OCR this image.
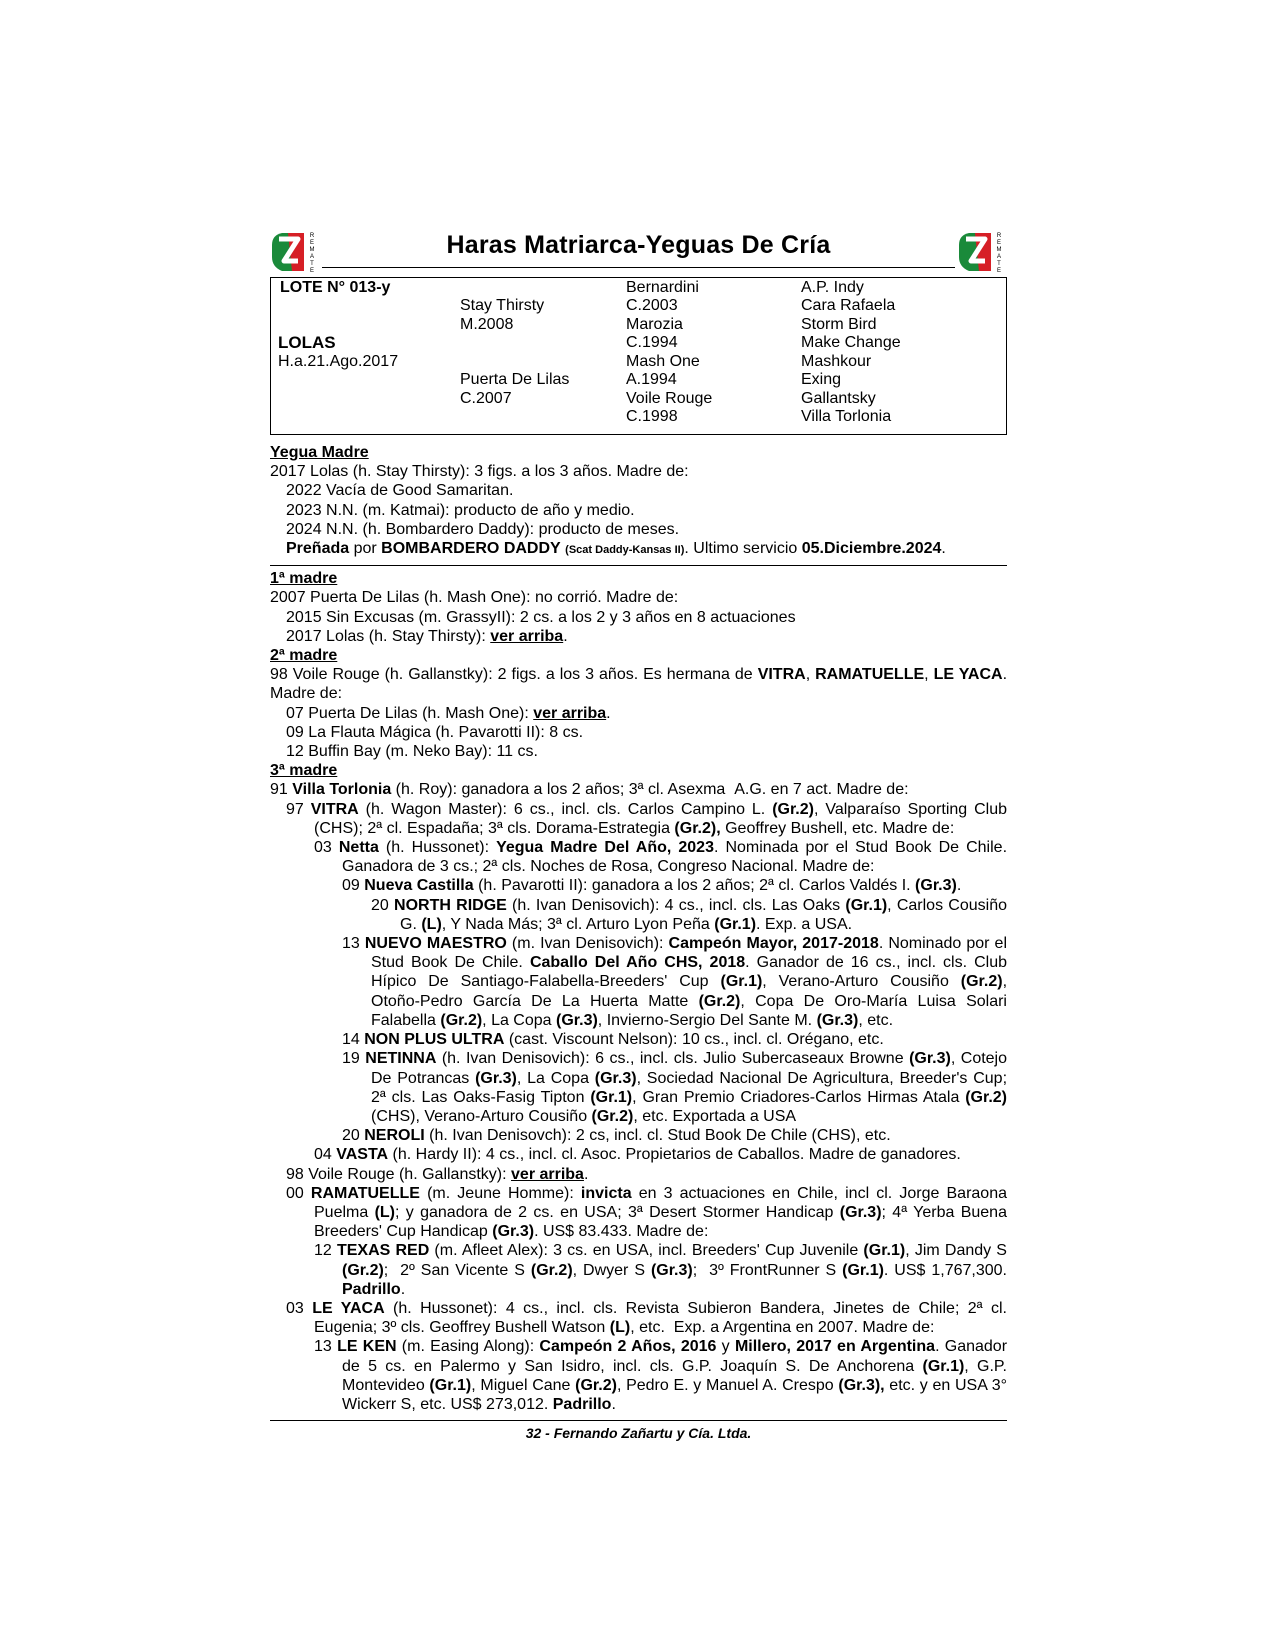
R
E
M
A
T
E
Haras Matriarca-Yeguas De Cría	R
E
M
A
T
E
LOTE N° 013-y
LOLAS
H.a.21.Ago.2017
Stay Thirsty
M.2008
Puerta De Lilas
C.2007
Bernardini
C.2003
Marozia
C.1994
Mash One
A.1994
Voile Rouge
C.1998
A.P. Indy
Cara Rafaela
Storm Bird
Make Change
Mashkour
Exing
Gallantsky
Villa Torlonia
Yegua Madre
2017 Lolas (h. Stay Thirsty): 3 figs. a los 3 años. Madre de:
2022 Vacía de Good Samaritan.
2023 N.N. (m. Katmai): producto de año y medio.
2024 N.N. (h. Bombardero Daddy): producto de meses.
Preñada por BOMBARDERO DADDY (Scat Daddy-Kansas II). Ultimo servicio 05.Diciembre.2024.
1ª madre
2007 Puerta De Lilas (h. Mash One): no corrió. Madre de:
2015 Sin Excusas (m. GrassyII): 2 cs. a los 2 y 3 años en 8 actuaciones
2017 Lolas (h. Stay Thirsty): ver arriba.
2ª madre
98 Voile Rouge (h. Gallanstky): 2 figs. a los 3 años. Es hermana de VITRA, RAMATUELLE, LE YACA. Madre de:
07 Puerta De Lilas (h. Mash One): ver arriba.
09 La Flauta Mágica (h. Pavarotti II): 8 cs.
12 Buffin Bay (m. Neko Bay): 11 cs.
3ª madre
91 Villa Torlonia (h. Roy): ganadora a los 2 años; 3ª cl. Asexma  A.G. en 7 act. Madre de:
97 VITRA (h. Wagon Master): 6 cs., incl. cls. Carlos Campino L. (Gr.2), Valparaíso Sporting Club (CHS); 2ª cl. Espadaña; 3ª cls. Dorama-Estrategia (Gr.2), Geoffrey Bushell, etc. Madre de:
03 Netta (h. Hussonet): Yegua Madre Del Año, 2023. Nominada por el Stud Book De Chile. Ganadora de 3 cs.; 2ª cls. Noches de Rosa, Congreso Nacional. Madre de:
09 Nueva Castilla (h. Pavarotti II): ganadora a los 2 años; 2ª cl. Carlos Valdés I. (Gr.3).
20 NORTH RIDGE (h. Ivan Denisovich): 4 cs., incl. cls. Las Oaks (Gr.1), Carlos Cousiño G. (L), Y Nada Más; 3ª cl. Arturo Lyon Peña (Gr.1). Exp. a USA.
13 NUEVO MAESTRO (m. Ivan Denisovich): Campeón Mayor, 2017-2018. Nominado por el Stud Book De Chile. Caballo Del Año CHS, 2018. Ganador de 16 cs., incl. cls. Club Hípico De Santiago-Falabella-Breeders' Cup (Gr.1), Verano-Arturo Cousiño (Gr.2), Otoño-Pedro García De La Huerta Matte (Gr.2), Copa De Oro-María Luisa Solari Falabella (Gr.2), La Copa (Gr.3), Invierno-Sergio Del Sante M. (Gr.3), etc.
14 NON PLUS ULTRA (cast. Viscount Nelson): 10 cs., incl. cl. Orégano, etc.
19 NETINNA (h. Ivan Denisovich): 6 cs., incl. cls. Julio Subercaseaux Browne (Gr.3), Cotejo De Potrancas (Gr.3), La Copa (Gr.3), Sociedad Nacional De Agricultura, Breeder's Cup; 2ª cls. Las Oaks-Fasig Tipton (Gr.1), Gran Premio Criadores-Carlos Hirmas Atala (Gr.2)(CHS), Verano-Arturo Cousiño (Gr.2), etc. Exportada a USA
20 NEROLI (h. Ivan Denisovch): 2 cs, incl. cl. Stud Book De Chile (CHS), etc.
04 VASTA (h. Hardy II): 4 cs., incl. cl. Asoc. Propietarios de Caballos. Madre de ganadores.
98 Voile Rouge (h. Gallanstky): ver arriba.
00 RAMATUELLE (m. Jeune Homme): invicta en 3 actuaciones en Chile, incl cl. Jorge Baraona Puelma (L); y ganadora de 2 cs. en USA; 3ª Desert Stormer Handicap (Gr.3); 4ª Yerba Buena Breeders' Cup Handicap (Gr.3). US$ 83.433. Madre de:
12 TEXAS RED (m. Afleet Alex): 3 cs. en USA, incl. Breeders' Cup Juvenile (Gr.1), Jim Dandy S (Gr.2);  2º San Vicente S (Gr.2), Dwyer S (Gr.3);  3º FrontRunner S (Gr.1). US$ 1,767,300. Padrillo.
03 LE YACA (h. Hussonet): 4 cs., incl. cls. Revista Subieron Bandera, Jinetes de Chile; 2ª cl. Eugenia; 3º cls. Geoffrey Bushell Watson (L), etc.  Exp. a Argentina en 2007. Madre de:
13 LE KEN (m. Easing Along): Campeón 2 Años, 2016 y Millero, 2017 en Argentina. Ganador de 5 cs. en Palermo y San Isidro, incl. cls. G.P. Joaquín S. De Anchorena (Gr.1), G.P. Montevideo (Gr.1), Miguel Cane (Gr.2), Pedro E. y Manuel A. Crespo (Gr.3), etc. y en USA 3° Wickerr S, etc. US$ 273,012. Padrillo.
32 - Fernando Zañartu y Cía. Ltda.
